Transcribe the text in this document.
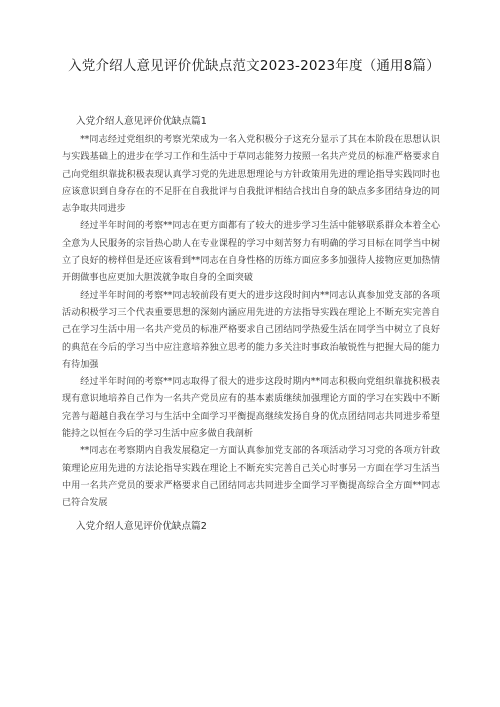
入党介绍人意见评价优缺点范文2023-2023年度（通用8篇）
入党介绍人意见评价优缺点篇1

**同志经过党组织的考察光荣成为一名入党积极分子这充分显示了其在本阶段在思想认识与实践基础上的进步在学习工作和生活中于草同志能努力按照一名共产党员的标准严格要求自己向党组织靠拢积极表现认真学习党的先进思想理论与方针政策用先进的理论指导实践同时也应该意识到自身存在的不足肝在自我批评与自我批评相结合找出自身的缺点多多团结身边的同志争取共同进步

经过半年时间的考察**同志在更方面都有了较大的进步学习生活中能够联系群众本着全心全意为人民服务的宗旨热心助人在专业课程的学习中刻苦努力有明确的学习目标在同学当中树立了良好的榜样但是还应该看到**同志在自身性格的历练方面应多多加强待人接物应更加热情开朗做事也应更加大胆泼就争取自身的全面突破

经过半年时间的考察**同志较前段有更大的进步这段时间内**同志认真参加党支部的各项活动积极学习三个代表重要思想的深刻内涵应用先进的方法指导实践在理论上不断充实完善自己在学习生活中用一名共产党员的标准严格要求自己团结同学热爱生活在同学当中树立了良好的典范在今后的学习当中应注意培养独立思考的能力多关注时事政治敏锐性与把握大局的能力有待加强

经过半年时间的考察**同志取得了很大的进步这段时期内**同志积极向党组织靠拢积极表现有意识地培养自己作为一名共产党员应有的基本素质继续加强理论方面的学习在实践中不断完善与超越自我在学习与生活中全面学习平衡提高继续发扬自身的优点团结同志共同进步希望能持之以恒在今后的学习生活中应多做自我剖析

**同志在考察期内自我发展稳定一方面认真参加党支部的各项活动学习习党的各项方针政策理论应用先进的方法论指导实践在理论上不断充实完善自己关心时事另一方面在学习生活当中用一名共产党员的要求严格要求自己团结同志共同进步全面学习平衡提高综合全方面**同志已符合发展

入党介绍人意见评价优缺点篇2
